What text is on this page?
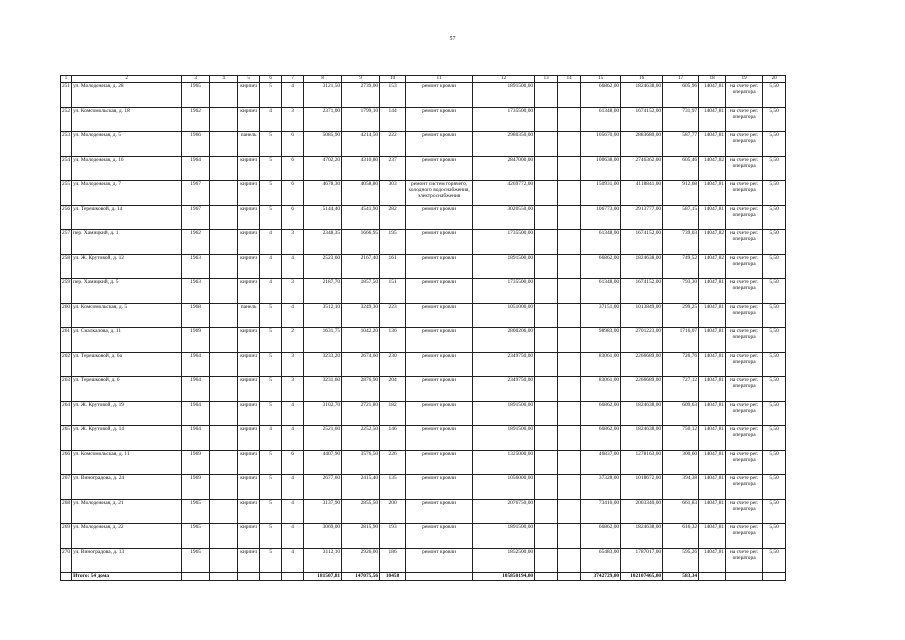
57
1	2	3	4	5	6	7	8	9	10	11	12	13	14	15	16	17	18	19	20
251	ул. Молодежная, д. 28	1965		кирпич	5	4	3121,50	2739,00	153	ремонт кровли	1891500,00			66862,00	1824638,00	605,96	14047,81	на счете рег. оператора	5,50
252	ул. Комсомольская, д. 18	1962		кирпич	4	3	2371,00	1799,10	144	ремонт кровли	1735500,00			61348,00	1674152,00	731,97	14047,81	на счете рег. оператора	5,50
253	ул. Молодежная, д. 5	1966		панель	5	6	5085,90	4214,50	222	ремонт кровли	2980350,00			105670,00	2883680,00	587,77	14047,81	на счете рег. оператора	5,50
254	ул. Молодежная, д. 16	1964		кирпич	5	6	4702,20	4310,80	237	ремонт кровли	2847000,00			100638,00	2746362,00	605,46	14047,82	на счете рег. оператора	5,50
255	ул. Молодежная, д. 7	1967		кирпич	5	6	4678,30	4058,80	303	ремонт систем горячего, холодного водоснабжения, электроснабжения	4269772,00			150931,00	4118841,00	912,68	14047,81	на счете рег. оператора	5,50
256	ул. Терешковой, д. 14	1967		кирпич	5	6	5144,40	4541,90	282	ремонт кровли	3020550,00			106773,00	2913777,00	587,15	14047,81	на счете рег. оператора	5,50
257	пер. Хамицкий, д. 1	1962		кирпич	4	3	2348,35	1666,95	195	ремонт кровли	1735500,00			61348,00	1674152,00	739,03	14047,82	на счете рег. оператора	5,50
258	ул. Ж. Крутовой, д. 12	1963		кирпич	4	4	2523,60	2167,40	161	ремонт кровли	1891500,00			66862,00	1824638,00	749,52	14047,82	на счете рег. оператора	5,50
259	пер. Хамицкий, д. 5	1963		кирпич	4	3	2187,70	1857,50	151	ремонт кровли	1735500,00			61348,00	1674152,00	793,30	14047,81	на счете рег. оператора	5,50
260	ул. Комсомольская, д. 5	1968		панель	5	4	3512,10	3249,30	223	ремонт кровли	1051000,00			37151,00	1013849,00	299,25	14047,81	на счете рег. оператора	5,50
261	ул. Сналкалова, д. 11	1969		кирпич	5	2	1631,75	1042,20	136	ремонт кровли	2800206,00			98983,00	2701223,00	1716,07	14047,81	на счете рег. оператора	5,50
262	ул. Терешковой, д. 6а	1964		кирпич	5	3	3233,20	2674,60	230	ремонт кровли	2349750,00			83061,00	2266689,00	726,76	14047,81	на счете рег. оператора	5,50
263	ул. Терешковой, д. 6	1964		кирпич	5	3	3231,60	2876,90	204	ремонт кровли	2349750,00			83061,00	2266689,00	727,12	14047,81	на счете рег. оператора	5,50
264	ул. Ж. Крутовой, д. 19	1964		кирпич	5	4	3102,70	2721,80	182	ремонт кровли	1891500,00			66862,00	1824638,00	609,63	14047,81	на счете рег. оператора	5,50
265	ул. Ж. Крутовой, д. 14	1964		кирпич	4	4	2521,60	2252,50	146	ремонт кровли	1891500,00			66862,00	1824638,00	750,12	14047,81	на счете рег. оператора	5,50
266	ул. Комсомольская, д. 11	1969		кирпич	5	6	4407,90	3576,50	226	ремонт кровли	1325000,00			46837,00	1278163,00	300,60	14047,81	на счете рег. оператора	5,50
267	ул. Виноградова, д. 24	1969		кирпич	5	4	2677,60	2415,40	135	ремонт кровли	1056000,00			37328,00	1018672,00	394,38	14047,81	на счете рег. оператора	5,50
268	ул. Молодежная, д. 21	1965		кирпич	5	4	3137,90	2855,50	200	ремонт кровли	2076750,00			73410,00	2003340,00	661,83	14047,81	на счете рег. оператора	5,50
269	ул. Молодежная, д. 22	1965		кирпич	5	4	3069,00	2815,90	193	ремонт кровли	1891500,00			66862,00	1824638,00	616,32	14047,81	на счете рег. оператора	5,50
270	ул. Виноградова, д. 13	1965		кирпич	5	4	3112,10	2926,00	186	ремонт кровли	1852500,00			65483,00	1787017,00	595,26	14047,81	на счете рег. оператора	5,50
	Итого: 54 дома						181507,81	147075,56	10458		105850194,00			3742729,00	102107465,00	583,34			
